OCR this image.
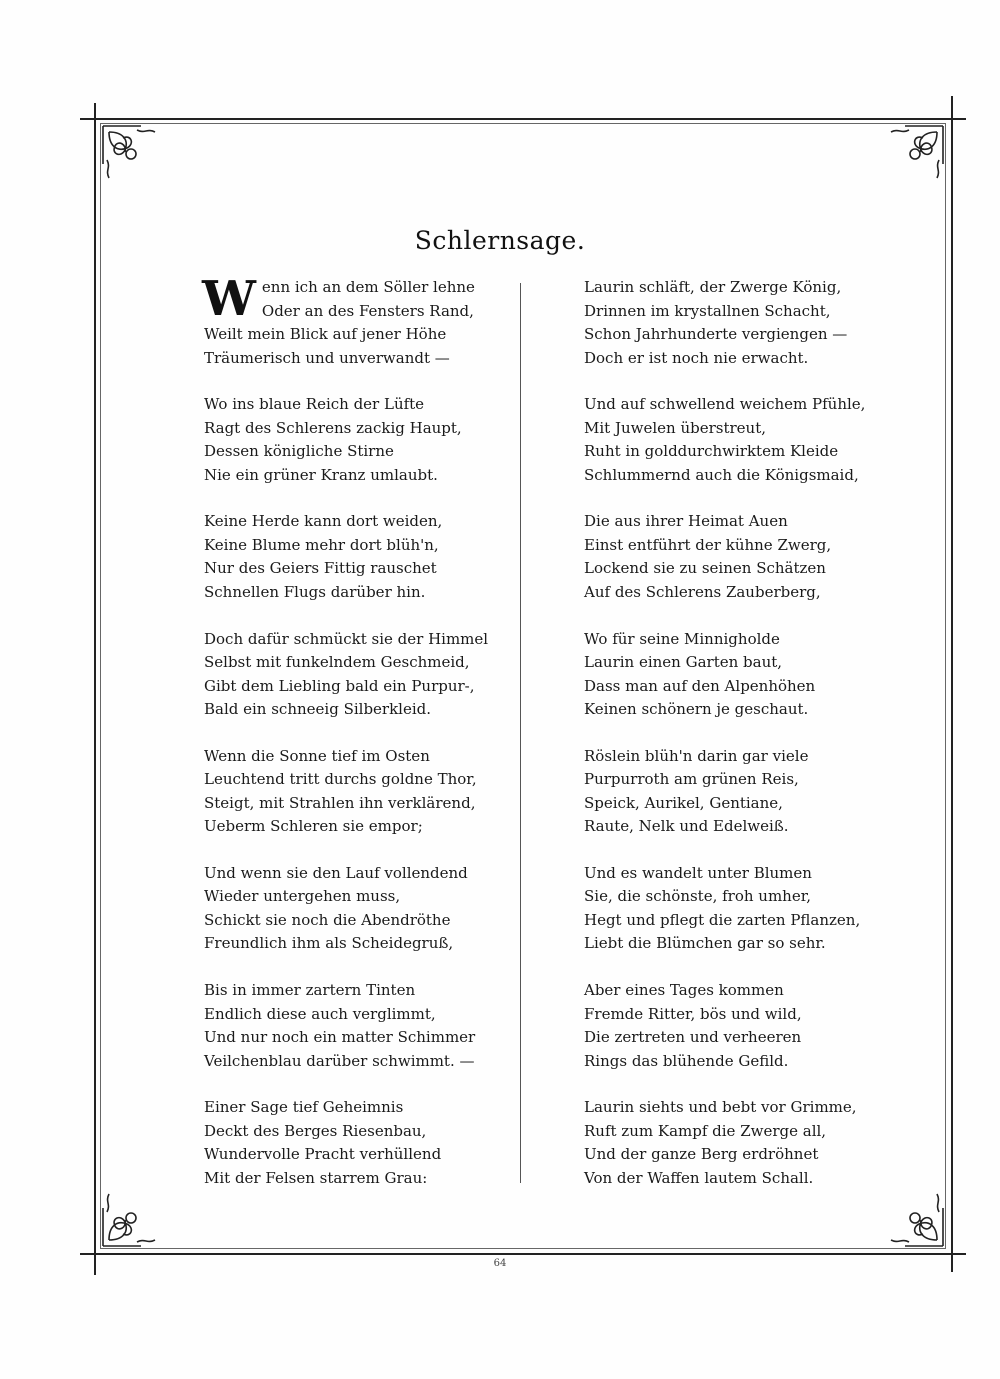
Schlernsage.
W enn ich an dem Söller lehne
Oder an des Fensters Rand,
Weilt mein Blick auf jener Höhe
Träumerisch und unverwandt —
Wo ins blaue Reich der Lüfte
Ragt des Schlerens zackig Haupt,
Dessen königliche Stirne
Nie ein grüner Kranz umlaubt.
Keine Herde kann dort weiden,
Keine Blume mehr dort blüh'n,
Nur des Geiers Fittig rauschet
Schnellen Flugs darüber hin.
Doch dafür schmückt sie der Himmel
Selbst mit funkelndem Geschmeid,
Gibt dem Liebling bald ein Purpur-,
Bald ein schneeig Silberkleid.
Wenn die Sonne tief im Osten
Leuchtend tritt durchs goldne Thor,
Steigt, mit Strahlen ihn verklärend,
Ueberm Schleren sie empor;
Und wenn sie den Lauf vollendend
Wieder untergehen muss,
Schickt sie noch die Abendröthe
Freundlich ihm als Scheidegruß,
Bis in immer zartern Tinten
Endlich diese auch verglimmt,
Und nur noch ein matter Schimmer
Veilchenblau darüber schwimmt. —
Einer Sage tief Geheimnis
Deckt des Berges Riesenbau,
Wundervolle Pracht verhüllend
Mit der Felsen starrem Grau:
Laurin schläft, der Zwerge König,
Drinnen im krystallnen Schacht,
Schon Jahrhunderte vergiengen —
Doch er ist noch nie erwacht.
Und auf schwellend weichem Pfühle,
Mit Juwelen überstreut,
Ruht in golddurchwirktem Kleide
Schlummernd auch die Königsmaid,
Die aus ihrer Heimat Auen
Einst entführt der kühne Zwerg,
Lockend sie zu seinen Schätzen
Auf des Schlerens Zauberberg,
Wo für seine Minnigholde
Laurin einen Garten baut,
Dass man auf den Alpenhöhen
Keinen schönern je geschaut.
Röslein blüh'n darin gar viele
Purpurroth am grünen Reis,
Speick, Aurikel, Gentiane,
Raute, Nelk und Edelweiß.
Und es wandelt unter Blumen
Sie, die schönste, froh umher,
Hegt und pflegt die zarten Pflanzen,
Liebt die Blümchen gar so sehr.
Aber eines Tages kommen
Fremde Ritter, bös und wild,
Die zertreten und verheeren
Rings das blühende Gefild.
Laurin siehts und bebt vor Grimme,
Ruft zum Kampf die Zwerge all,
Und der ganze Berg erdröhnet
Von der Waffen lautem Schall.
64
